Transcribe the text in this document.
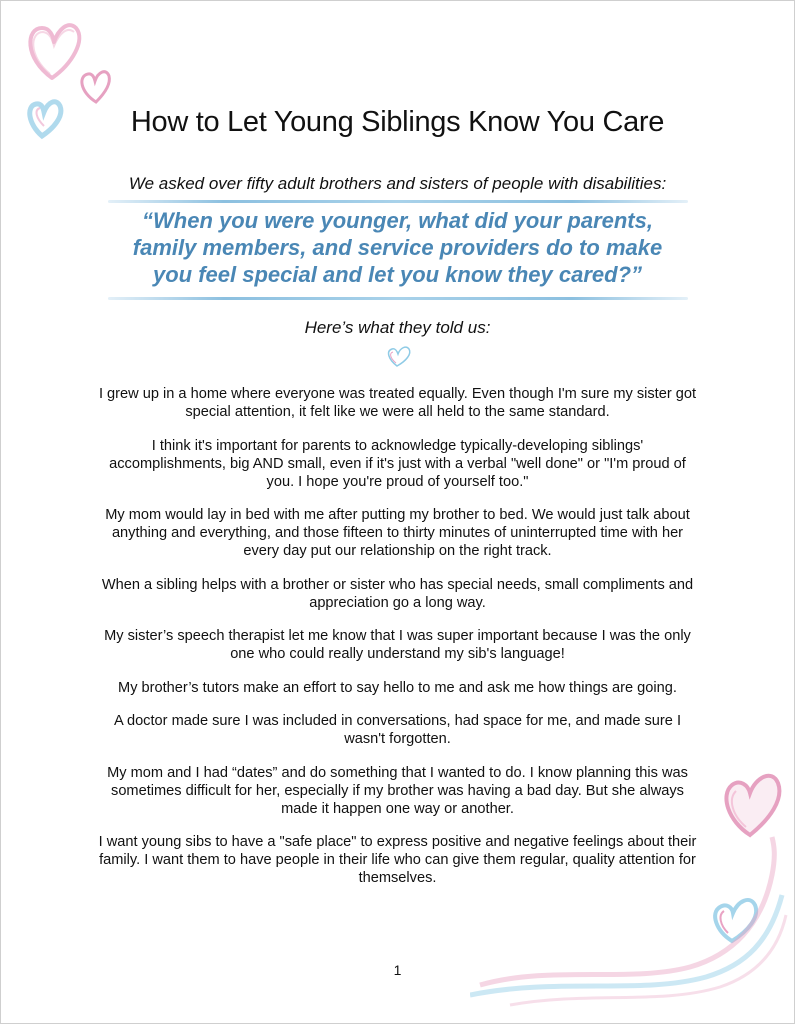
How to Let Young Siblings Know You Care
We asked over fifty adult brothers and sisters of people with disabilities:
“When you were younger, what did your parents,
family members, and service providers do to make
you feel special and let you know they cared?”
Here’s what they told us:

I grew up in a home where everyone was treated equally. Even though I'm sure my sister got special attention, it felt like we were all held to the same standard.

I think it's important for parents to acknowledge typically-developing siblings' accomplishments, big AND small, even if it's just with a verbal "well done" or "I'm proud of you. I hope you're proud of yourself too."

My mom would lay in bed with me after putting my brother to bed. We would just talk about anything and everything, and those fifteen to thirty minutes of uninterrupted time with her every day put our relationship on the right track.

When a sibling helps with a brother or sister who has special needs, small compliments and appreciation go a long way.

My sister’s speech therapist let me know that I was super important because I was the only one who could really understand my sib's language!

My brother’s tutors make an effort to say hello to me and ask me how things are going.

A doctor made sure I was included in conversations, had space for me, and made sure I wasn't forgotten.

My mom and I had “dates” and do something that I wanted to do. I know planning this was sometimes difficult for her, especially if my brother was having a bad day. But she always made it happen one way or another.

I want young sibs to have a "safe place" to express positive and negative feelings about their family. I want them to have people in their life who can give them regular, quality attention for themselves.

1
